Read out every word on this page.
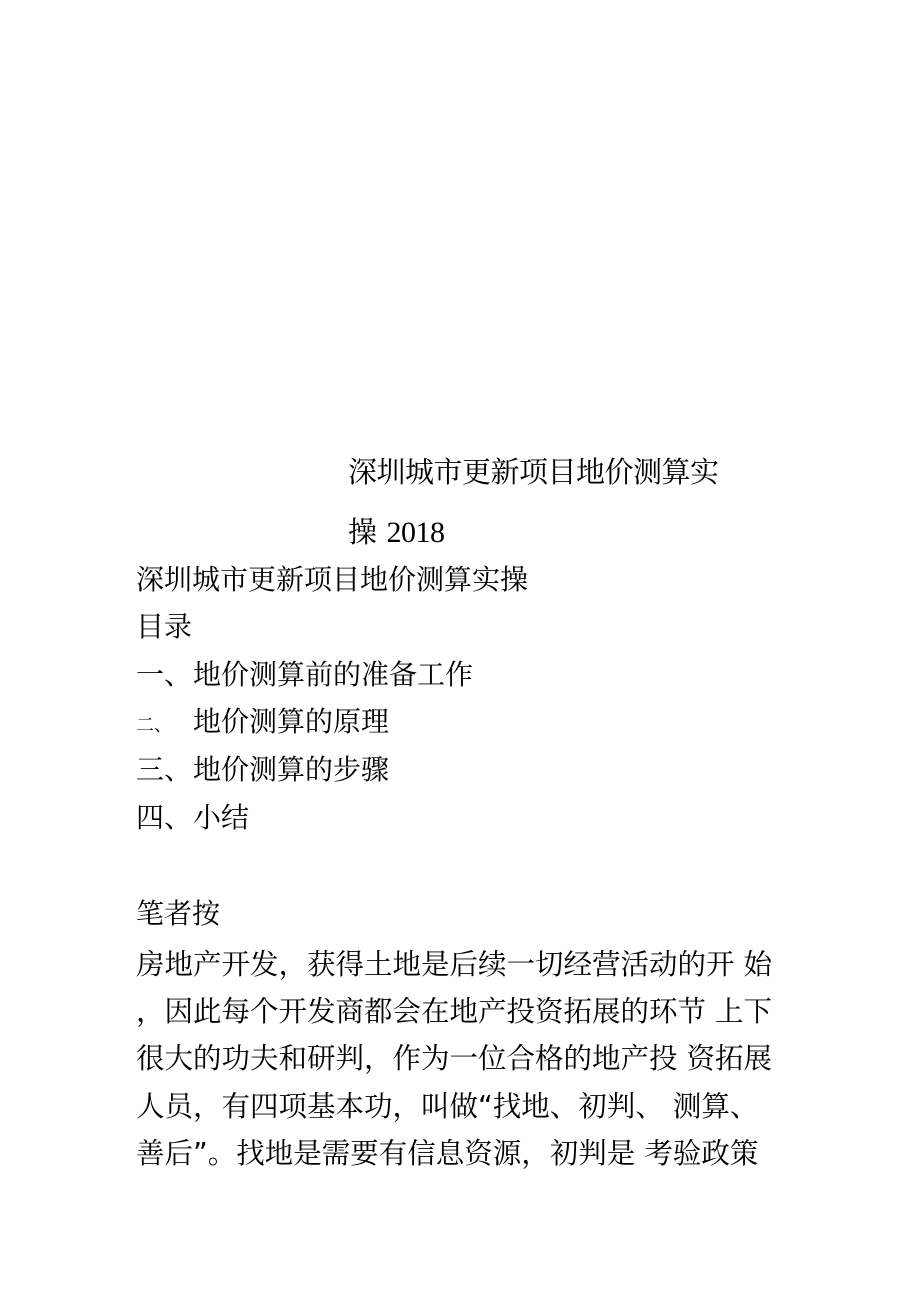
深圳城市更新项目地价测算实
操 2018
深圳城市更新项目地价测算实操
目录
一、地价测算前的准备工作
二、 地价测算的原理
三、地价测算的步骤
四、小结
笔者按
房地产开发，获得土地是后续一切经营活动的开 始
，因此每个开发商都会在地产投资拓展的环节 上下
很大的功夫和研判，作为一位合格的地产投 资拓展
人员，有四项基本功，叫做“找地、初判、 测算、
善后”。找地是需要有信息资源，初判是 考验政策
